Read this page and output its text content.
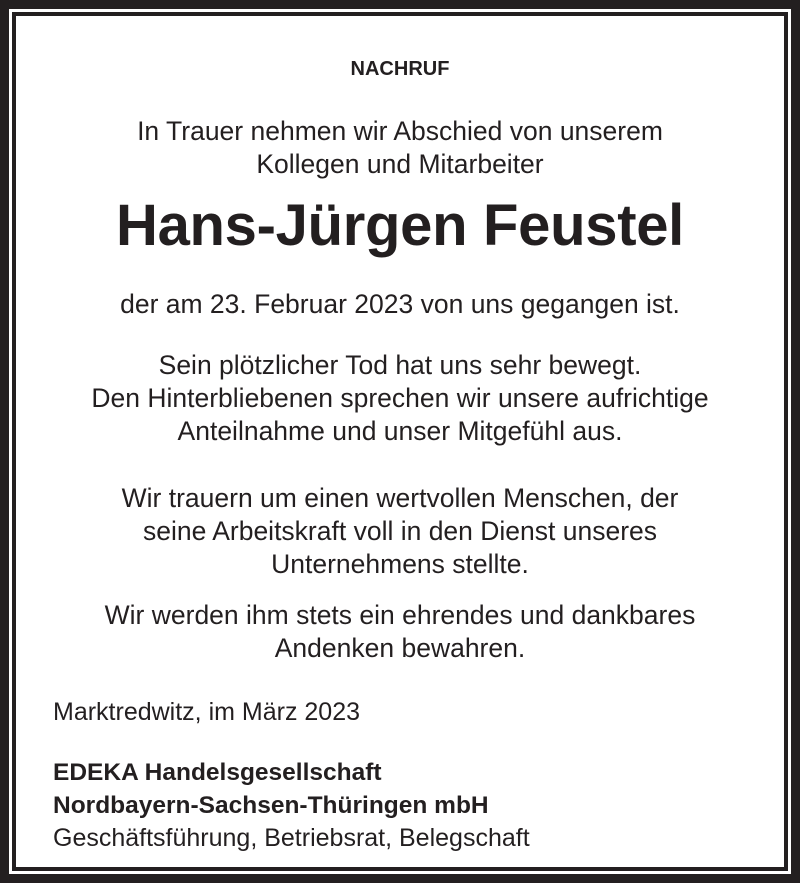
NACHRUF
In Trauer nehmen wir Abschied von unserem
Kollegen und Mitarbeiter
Hans-Jürgen Feustel
der am 23. Februar 2023 von uns gegangen ist.
Sein plötzlicher Tod hat uns sehr bewegt.
Den Hinterbliebenen sprechen wir unsere aufrichtige
Anteilnahme und unser Mitgefühl aus.
Wir trauern um einen wertvollen Menschen, der
seine Arbeitskraft voll in den Dienst unseres
Unternehmens stellte.
Wir werden ihm stets ein ehrendes und dankbares
Andenken bewahren.
Marktredwitz, im März 2023
EDEKA Handelsgesellschaft
Nordbayern-Sachsen-Thüringen mbH
Geschäftsführung, Betriebsrat, Belegschaft
